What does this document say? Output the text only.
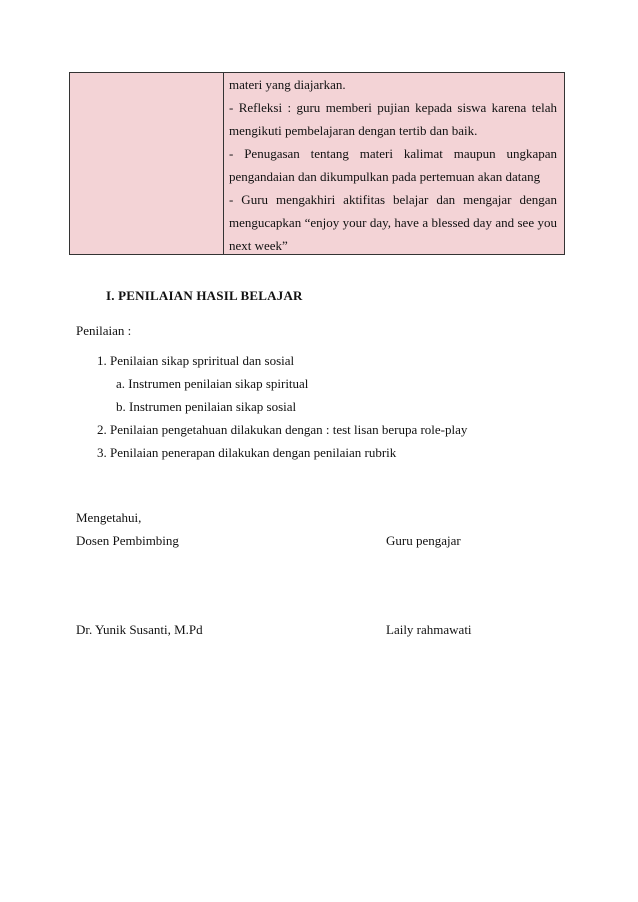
materi yang diajarkan.
- Refleksi : guru memberi pujian kepada siswa karena telah
mengikuti pembelajaran dengan tertib dan baik.
- Penugasan tentang materi kalimat maupun ungkapan
pengandaian dan dikumpulkan pada pertemuan akan datang
- Guru mengakhiri aktifitas belajar dan mengajar dengan
mengucapkan “enjoy your day, have a blessed day and see you
next week”
I. PENILAIAN HASIL BELAJAR
Penilaian :
1. Penilaian sikap spriritual dan sosial
a. Instrumen penilaian sikap spiritual
b. Instrumen penilaian sikap sosial
2. Penilaian pengetahuan dilakukan dengan : test lisan berupa role-play
3. Penilaian penerapan dilakukan dengan penilaian rubrik
Mengetahui,
Dosen Pembimbing	Guru pengajar
Dr. Yunik Susanti, M.Pd	Laily rahmawati
